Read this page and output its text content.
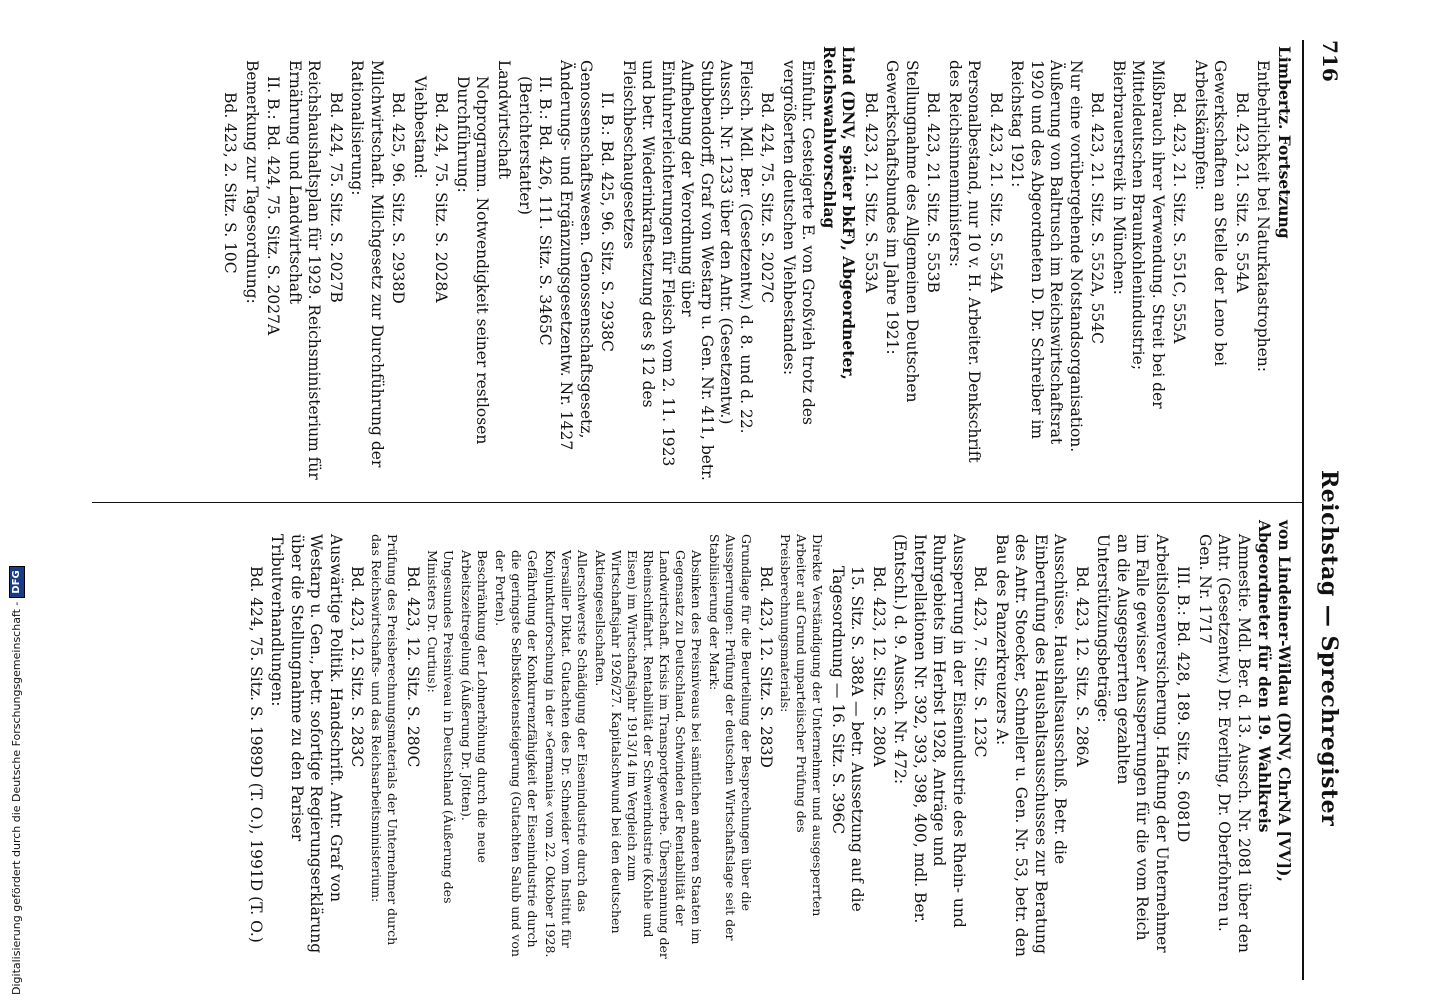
716
Reichstag — Sprechregister

Limbertz. Fortsetzung

Entbehrlichkeit bei Naturkatastrophen:

Bd. 423, 21. Sitz. S. 554A

Gewerkschaften an Stelle der Leno bei Arbeitskämpfen:

Bd. 423, 21. Sitz. S. 551C, 555A

Mißbrauch ihrer Verwendung. Streit bei der Mitteldeutschen Braunkohlenindustrie; Bierbrauerstreik in München:

Bd. 423, 21. Sitz. S. 552A, 554C

Nur eine vorübergehende Notstandsorganisation. Äußerung von Baltrusch im Reichswirtschaftsrat 1920 und des Abgeordneten D. Dr. Schreiber im Reichstag 1921:

Bd. 423, 21. Sitz. S. 554A

Personalbestand, nur 10 v. H. Arbeiter. Denkschrift des Reichsinnenministers:

Bd. 423, 21. Sitz. S. 553B

Stellungnahme des Allgemeinen Deutschen Gewerkschaftsbundes im Jahre 1921:

Bd. 423, 21. Sitz. S. 553A

Lind (DNV, später bkF), Abgeordneter, Reichswahlvorschlag

Einfuhr. Gesteigerte E. von Großvieh trotz des vergrößerten deutschen Viehbestandes:

Bd. 424, 75. Sitz. S. 2027C

Fleisch. Mdl. Ber. (Gesetzentw.) d. 8. und d. 22. Aussch. Nr. 1233 über den Antr. (Gesetzentw.) Stubbendorff, Graf von Westarp u. Gen. Nr. 411, betr. Aufhebung der Verordnung über Einfuhrerleichterungen für Fleisch vom 2. 11. 1923 und betr. Wiederinkraftsetzung des § 12 des Fleischbeschaugesetzes

II. B.: Bd. 425, 96. Sitz. S. 2938C

Genossenschaftswesen. Genossenschaftsgesetz, Änderungs- und Ergänzungsgesetzentw. Nr. 1427

II. B.: Bd. 426, 111. Sitz. S. 3465C (Berichterstatter)

Landwirtschaft

Notprogramm. Notwendigkeit seiner restlosen Durchführung:

Bd. 424, 75. Sitz. S. 2028A

Viehbestand:

Bd. 425, 96. Sitz. S. 2938D

Milchwirtschaft. Milchgesetz zur Durchführung der Rationalisierung:

Bd. 424, 75. Sitz. S. 2027B

Reichshaushaltsplan für 1929. Reichsministerium für Ernährung und Landwirtschaft

II. B.: Bd. 424, 75. Sitz. S. 2027A

Bemerkung zur Tagesordnung:

Bd. 423, 2. Sitz. S. 10C

von Lindeiner-Wildau (DNV, ChrNA [VV]), Abgeordneter für den 19. Wahlkreis

Amnestie. Mdl. Ber. d. 13. Aussch. Nr. 2081 über den Antr. (Gesetzentw.) Dr. Everling, Dr. Oberfohren u. Gen. Nr. 1717

III. B.: Bd. 428, 189. Sitz. S. 6081D

Arbeitslosenversicherung. Haftung der Unternehmer im Falle gewisser Aussperrungen für die vom Reich an die Ausgesperrten gezahlten Unterstützungsbeträge:

Bd. 423, 12. Sitz. S. 286A

Ausschüsse. Haushaltsausschuß. Betr. die Einberufung des Haushaltsausschusses zur Beratung des Antr. Stoecker, Schneller u. Gen. Nr. 53, betr. den Bau des Panzerkreuzers A:

Bd. 423, 7. Sitz. S. 123C

Aussperrung in der Eisenindustrie des Rhein- und Ruhrgebiets im Herbst 1928, Anträge und Interpellationen Nr. 392, 393, 398, 400, mdl. Ber. (Entschl.) d. 9. Aussch. Nr. 472:

Bd. 423, 12. Sitz. S. 280A

15. Sitz. S. 388A — betr. Aussetzung auf die Tagesordnung — 16. Sitz. S. 396C

Direkte Verständigung der Unternehmer und ausgesperrten Arbeiter auf Grund unparteiischer Prüfung des Preisberechnungsmaterials:

Bd. 423, 12. Sitz. S. 283D

Grundlage für die Beurteilung der Besprechungen über die Aussperrungen: Prüfung der deutschen Wirtschaftslage seit der Stabilisierung der Mark:

Absinken des Preisniveaus bei sämtlichen anderen Staaten im Gegensatz zu Deutschland. Schwinden der Rentabilität der Landwirtschaft. Krisis im Transportgewerbe. Überspannung der Rheinschiffahrt. Rentabilität der Schwerindustrie (Kohle und Eisen) im Wirtschaftsjahr 1913/14 im Vergleich zum Wirtschaftsjahr 1926/27. Kapitalschwund bei den deutschen Aktiengesellschaften.

Allerschwerste Schädigung der Eisenindustrie durch das Versailler Diktat. Gutachten des Dr. Schneider vom Institut für Konjunkturforschung in der »Germania« vom 22. Oktober 1928.

Gefährdung der Konkurrenzfähigkeit der Eisenindustrie durch die geringste Selbstkostensteigerung (Gutachten Salub und von der Porten).

Beschränkung der Lohnerhöhung durch die neue Arbeitszeitregelung (Äußerung Dr. Jötten).

Ungesundes Preisniveau in Deutschland (Äußerung des Ministers Dr. Curtius):

Bd. 423, 12. Sitz. S. 280C

Prüfung des Preisberechnungsmaterials der Unternehmer durch das Reichswirtschafts- und das Reichsarbeitsministerium:

Bd. 423, 12. Sitz. S. 283C

Auswärtige Politik. Handschrift. Antr. Graf von Westarp u. Gen., betr. sofortige Regierungserklärung über die Stellungnahme zu den Pariser Tributverhandlungen:

Bd. 424, 75. Sitz. S. 1989D (T. O.), 1991D (T. O.)

Digitalisierung gefördert durch die Deutsche Forschungsgemeinschaft -
DFG
